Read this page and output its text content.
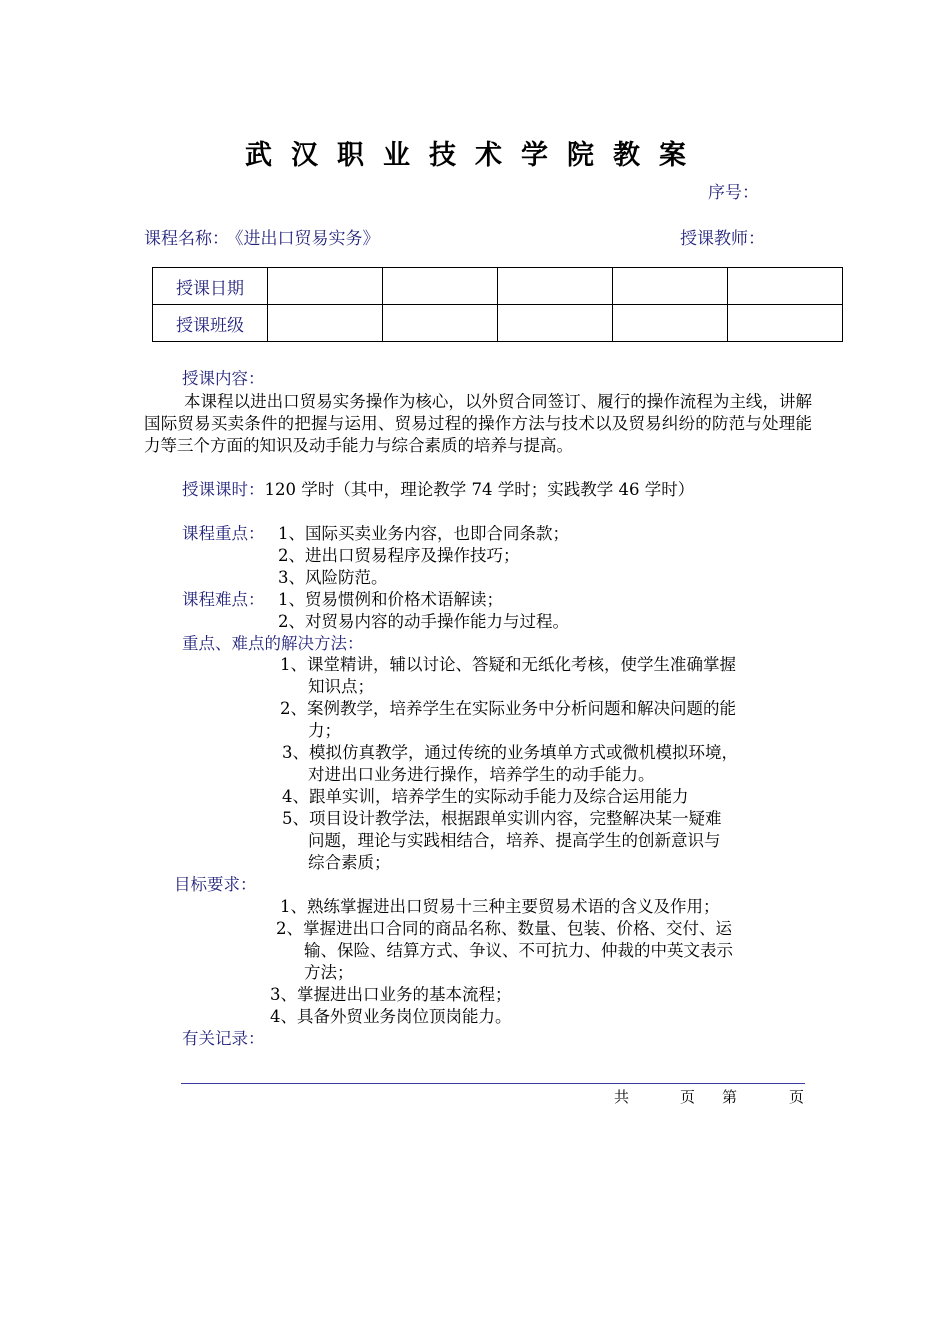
武汉职业技术学院教案
序号：
课程名称： 《进出口贸易实务》	授课教师：
授课日期					
授课班级					
授课内容：
本课程以进出口贸易实务操作为核心，以外贸合同签订、履行的操作流程为主线，讲解国际贸易买卖条件的把握与运用、贸易过程的操作方法与技术以及贸易纠纷的防范与处理能力等三个方面的知识及动手能力与综合素质的培养与提高。
授课课时：120 学时（其中，理论教学 74 学时；实践教学 46 学时）
课程重点： 1、国际买卖业务内容，也即合同条款；
2、进出口贸易程序及操作技巧；
3、风险防范。
课程难点： 1、贸易惯例和价格术语解读；
2、对贸易内容的动手操作能力与过程。
重点、难点的解决方法：
1、课堂精讲，辅以讨论、答疑和无纸化考核，使学生准确掌握
知识点；
2、案例教学，培养学生在实际业务中分析问题和解决问题的能
力；
3、模拟仿真教学，通过传统的业务填单方式或微机模拟环境，
对进出口业务进行操作，培养学生的动手能力。
4、跟单实训，培养学生的实际动手能力及综合运用能力
5、项目设计教学法，根据跟单实训内容，完整解决某一疑难
问题，理论与实践相结合，培养、提高学生的创新意识与
综合素质；
目标要求：
1、熟练掌握进出口贸易十三种主要贸易术语的含义及作用；
2、掌握进出口合同的商品名称、数量、包装、价格、交付、运
输、保险、结算方式、争议、不可抗力、仲裁的中英文表示
方法；
3、掌握进出口业务的基本流程；
4、具备外贸业务岗位顶岗能力。
有关记录：
共	页 第	页
